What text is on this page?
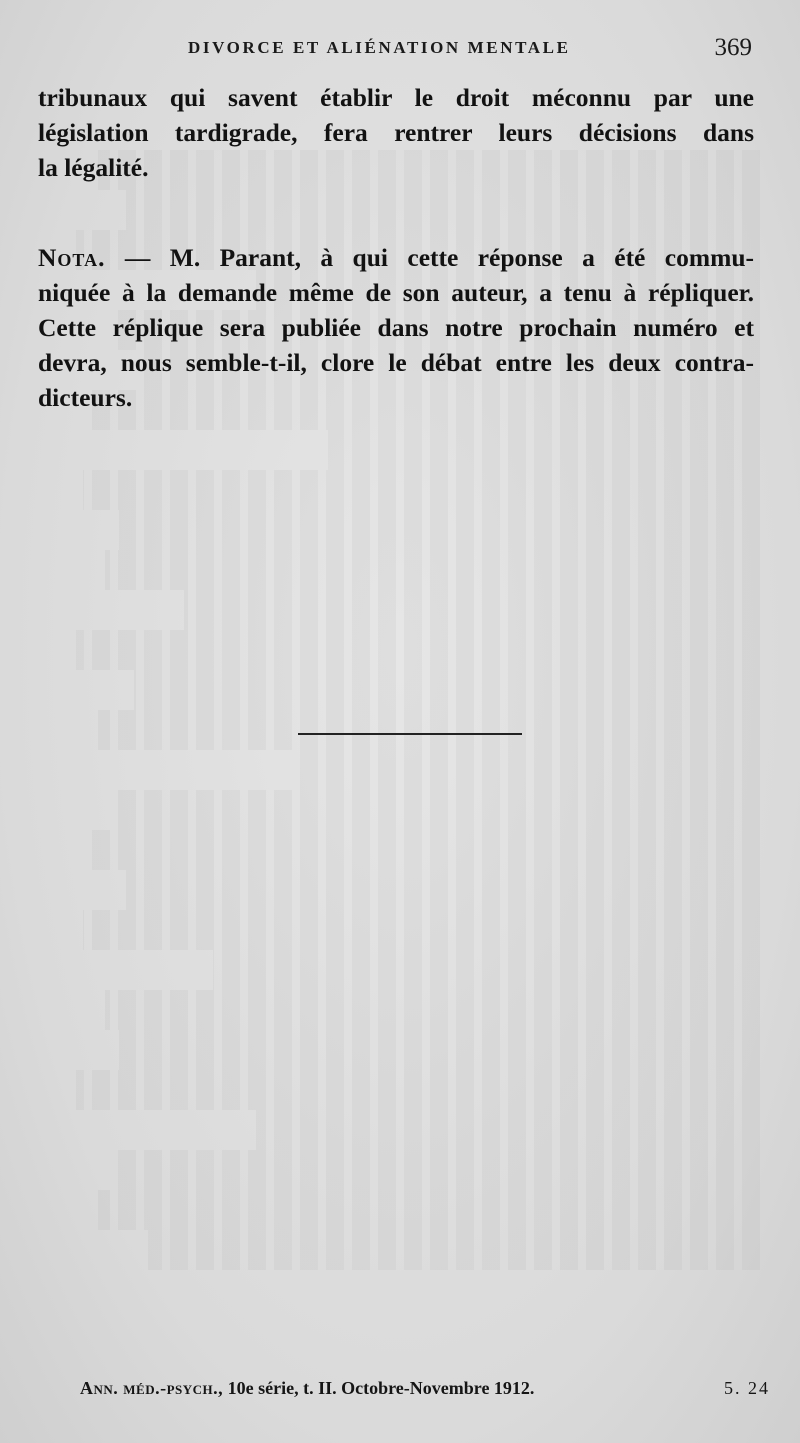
DIVORCE ET ALIÉNATION MENTALE	369
tribunaux qui savent établir le droit méconnu par une
législation tardigrade, fera rentrer leurs décisions dans
la légalité.
Nota. — M. Parant, à qui cette réponse a été commu-
niquée à la demande même de son auteur, a tenu à répliquer.
Cette réplique sera publiée dans notre prochain numéro et
devra, nous semble-t-il, clore le débat entre les deux contra-
dicteurs.
Ann. méd.-psych., 10e série, t. II. Octobre-Novembre 1912.	5. 24
